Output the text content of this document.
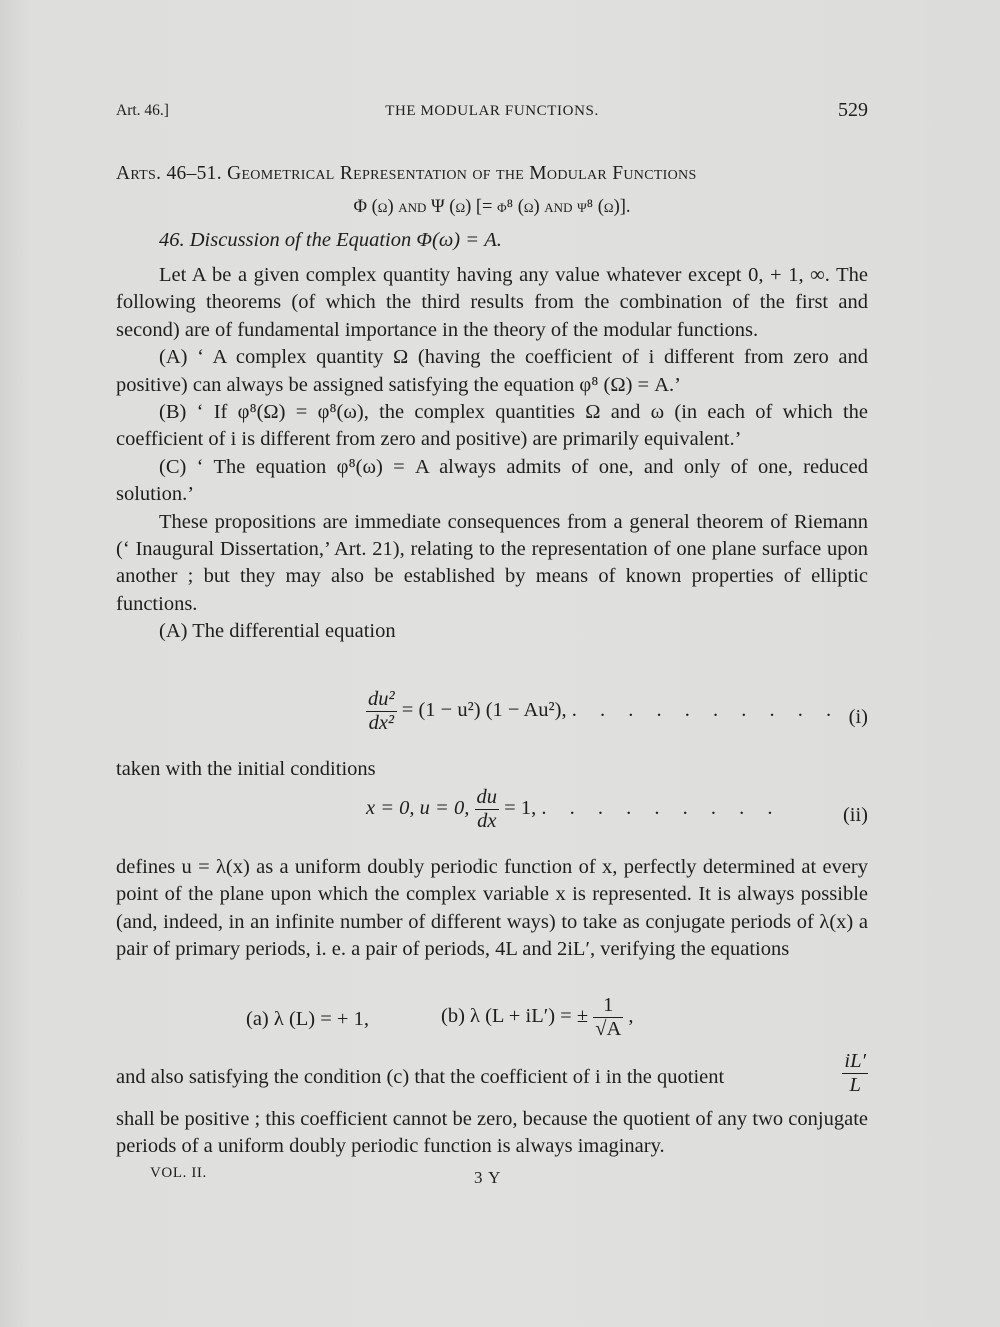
Art. 46.]	THE MODULAR FUNCTIONS.	529
Arts. 46–51. Geometrical Representation of the Modular Functions
Φ (ω) and Ψ (ω) [= φ⁸ (ω) and ψ⁸ (ω)].
46. Discussion of the Equation Φ(ω) = A.

Let A be a given complex quantity having any value whatever except 0, + 1, ∞. The following theorems (of which the third results from the combination of the first and second) are of fundamental importance in the theory of the modular functions.

(A) ‘ A complex quantity Ω (having the coefficient of i different from zero and positive) can always be assigned satisfying the equation φ⁸ (Ω) = A.’

(B) ‘ If φ⁸(Ω) = φ⁸(ω), the complex quantities Ω and ω (in each of which the coefficient of i is different from zero and positive) are primarily equivalent.’

(C) ‘ The equation φ⁸(ω) = A always admits of one, and only of one, reduced solution.’

These propositions are immediate consequences from a general theorem of Riemann (‘ Inaugural Dissertation,’ Art. 21), relating to the representation of one plane surface upon another ; but they may also be established by means of known properties of elliptic functions.

(A) The differential equation

$\frac{\text{du²}}{\text{dx²}} = (1 - u^2) (1 - Au^2)$, . . . . . . . . . . (i)

taken with the initial conditions

x = 0, u = 0, $\frac{du}{dx} = 1$, . . . . . . . . .	(ii)

defines u = λ(x) as a uniform doubly periodic function of x, perfectly determined at every point of the plane upon which the complex variable x is represented. It is always possible (and, indeed, in an infinite number of different ways) to take as conjugate periods of λ(x) a pair of primary periods, i. e. a pair of periods, 4L and 2iL′, verifying the equations

(a) λ (L) = + 1,	(b) λ (L + iL′) = ± $\frac{1}{√A}$ ,

and also satisfying the condition (c) that the coefficient of i in the quotient	$\frac{iL'}{L}$

shall be positive ; this coefficient cannot be zero, because the quotient of any two conjugate periods of a uniform doubly periodic function is always imaginary.

VOL. II.	3 Y
